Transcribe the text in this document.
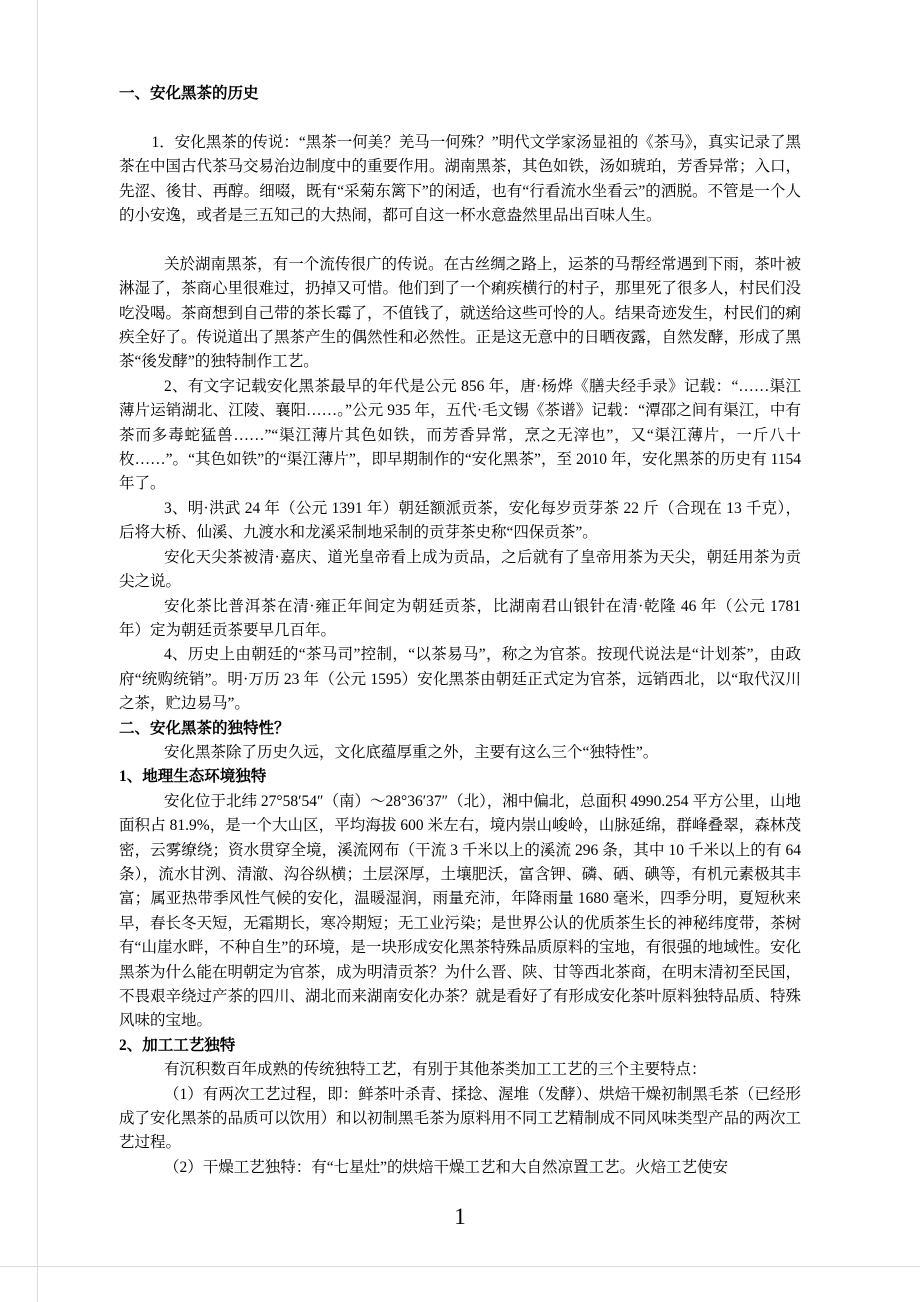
一、安化黑茶的历史

1．安化黑茶的传说：“黑茶一何美？羌马一何殊？”明代文学家汤显祖的《茶马》，真实记录了黑茶在中国古代茶马交易治边制度中的重要作用。湖南黑茶，其色如铁，汤如琥珀，芳香异常；入口，先涩、後甘、再醇。细啜，既有“采菊东篱下”的闲适，也有“行看流水坐看云”的洒脱。不管是一个人的小安逸，或者是三五知己的大热闹，都可自这一杯水意盎然里品出百味人生。

关於湖南黑茶，有一个流传很广的传说。在古丝绸之路上，运茶的马帮经常遇到下雨，茶叶被淋湿了，茶商心里很难过，扔掉又可惜。他们到了一个痢疾横行的村子，那里死了很多人，村民们没吃没喝。茶商想到自己带的茶长霉了，不值钱了，就送给这些可怜的人。结果奇迹发生，村民们的痢疾全好了。传说道出了黑茶产生的偶然性和必然性。正是这无意中的日晒夜露，自然发酵，形成了黑茶“後发酵”的独特制作工艺。

2、有文字记载安化黑茶最早的年代是公元 856 年，唐·杨烨《膳夫经手录》记载：“……渠江薄片运销湖北、江陵、襄阳……。”公元 935 年，五代·毛文锡《茶谱》记载：“潭邵之间有渠江，中有茶而多毒蛇猛兽……”“渠江薄片其色如铁，而芳香异常，烹之无滓也”，又“渠江薄片，一斤八十枚……”。“其色如铁”的“渠江薄片”，即早期制作的“安化黑茶”，至 2010 年，安化黑茶的历史有 1154 年了。

3、明·洪武 24 年（公元 1391 年）朝廷额派贡茶，安化每岁贡芽茶 22 斤（合现在 13 千克），后将大桥、仙溪、九渡水和龙溪采制地采制的贡芽茶史称“四保贡茶”。

安化天尖茶被清·嘉庆、道光皇帝看上成为贡品，之后就有了皇帝用茶为天尖，朝廷用茶为贡尖之说。

安化茶比普洱茶在清·雍正年间定为朝廷贡茶，比湖南君山银针在清·乾隆 46 年（公元 1781 年）定为朝廷贡茶要早几百年。

4、历史上由朝廷的“茶马司”控制，“以茶易马”，称之为官茶。按现代说法是“计划茶”，由政府“统购统销”。明·万历 23 年（公元 1595）安化黑茶由朝廷正式定为官茶，远销西北，以“取代汉川之茶，贮边易马”。

二、安化黑茶的独特性？

安化黑茶除了历史久远，文化底蕴厚重之外，主要有这么三个“独特性”。

1、地理生态环境独特

安化位于北纬 27°58′54″（南）～28°36′37″（北），湘中偏北，总面积 4990.254 平方公里，山地面积占 81.9%，是一个大山区，平均海拔 600 米左右，境内崇山峻岭，山脉延绵，群峰叠翠，森林茂密，云雾缭绕；资水贯穿全境，溪流网布（干流 3 千米以上的溪流 296 条，其中 10 千米以上的有 64 条），流水甘洌、清澈、沟谷纵横；土层深厚，土壤肥沃，富含钾、磷、硒、碘等，有机元素极其丰富；属亚热带季风性气候的安化，温暖湿润，雨量充沛，年降雨量 1680 毫米，四季分明，夏短秋来早，春长冬天短，无霜期长，寒冷期短；无工业污染；是世界公认的优质茶生长的神秘纬度带，茶树有“山崖水畔，不种自生”的环境，是一块形成安化黑茶特殊品质原料的宝地，有很强的地域性。安化黑茶为什么能在明朝定为官茶，成为明清贡茶？为什么晋、陕、甘等西北茶商，在明末清初至民国，不畏艰辛绕过产茶的四川、湖北而来湖南安化办茶？就是看好了有形成安化茶叶原料独特品质、特殊风味的宝地。

2、加工工艺独特

有沉积数百年成熟的传统独特工艺，有别于其他茶类加工工艺的三个主要特点：

（1）有两次工艺过程，即：鲜茶叶杀青、揉捻、渥堆（发酵）、烘焙干燥初制黑毛茶（已经形成了安化黑茶的品质可以饮用）和以初制黑毛茶为原料用不同工艺精制成不同风味类型产品的两次工艺过程。

（2）干燥工艺独特：有“七星灶”的烘焙干燥工艺和大自然凉置工艺。火焙工艺使安

1
